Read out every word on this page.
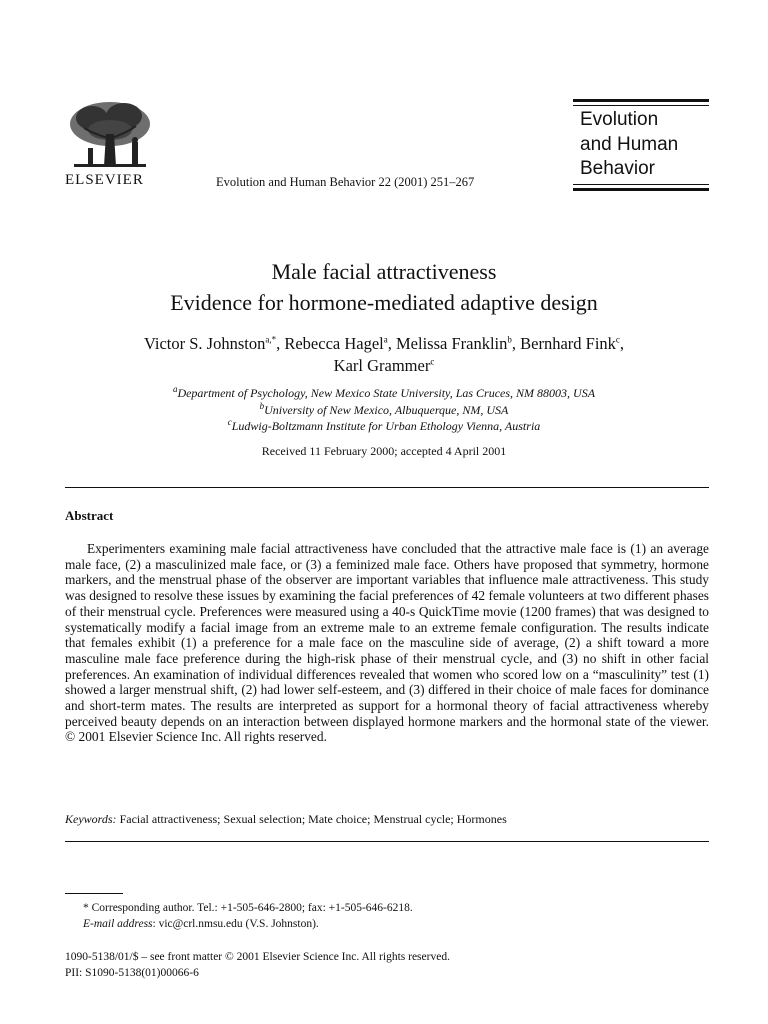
ELSEVIER	Evolution and Human Behavior 22 (2001) 251–267
Evolution
and Human
Behavior
Male facial attractiveness
Evidence for hormone-mediated adaptive design
Victor S. Johnston$^{a,*}$, Rebecca Hagel$^a$, Melissa Franklin$^b$, Bernhard Fink$^c$,
Karl Grammer$^c$
$^a$Department of Psychology, New Mexico State University, Las Cruces, NM 88003, USA
$^b$University of New Mexico, Albuquerque, NM, USA
$^c$Ludwig-Boltzmann Institute for Urban Ethology Vienna, Austria
Received 11 February 2000; accepted 4 April 2001
Abstract
Experimenters examining male facial attractiveness have concluded that the attractive male face is (1) an average male face, (2) a masculinized male face, or (3) a feminized male face. Others have proposed that symmetry, hormone markers, and the menstrual phase of the observer are important variables that influence male attractiveness. This study was designed to resolve these issues by examining the facial preferences of 42 female volunteers at two different phases of their menstrual cycle. Preferences were measured using a 40-s QuickTime movie (1200 frames) that was designed to systematically modify a facial image from an extreme male to an extreme female configuration. The results indicate that females exhibit (1) a preference for a male face on the masculine side of average, (2) a shift toward a more masculine male face preference during the high-risk phase of their menstrual cycle, and (3) no shift in other facial preferences. An examination of individual differences revealed that women who scored low on a “masculinity” test (1) showed a larger menstrual shift, (2) had lower self-esteem, and (3) differed in their choice of male faces for dominance and short-term mates. The results are interpreted as support for a hormonal theory of facial attractiveness whereby perceived beauty depends on an interaction between displayed hormone markers and the hormonal state of the viewer. © 2001 Elsevier Science Inc. All rights reserved.
Keywords: Facial attractiveness; Sexual selection; Mate choice; Menstrual cycle; Hormones
* Corresponding author. Tel.: +1-505-646-2800; fax: +1-505-646-6218.
E-mail address: vic@crl.nmsu.edu (V.S. Johnston).
1090-5138/01/$ – see front matter © 2001 Elsevier Science Inc. All rights reserved.
PII: S1090-5138(01)00066-6
